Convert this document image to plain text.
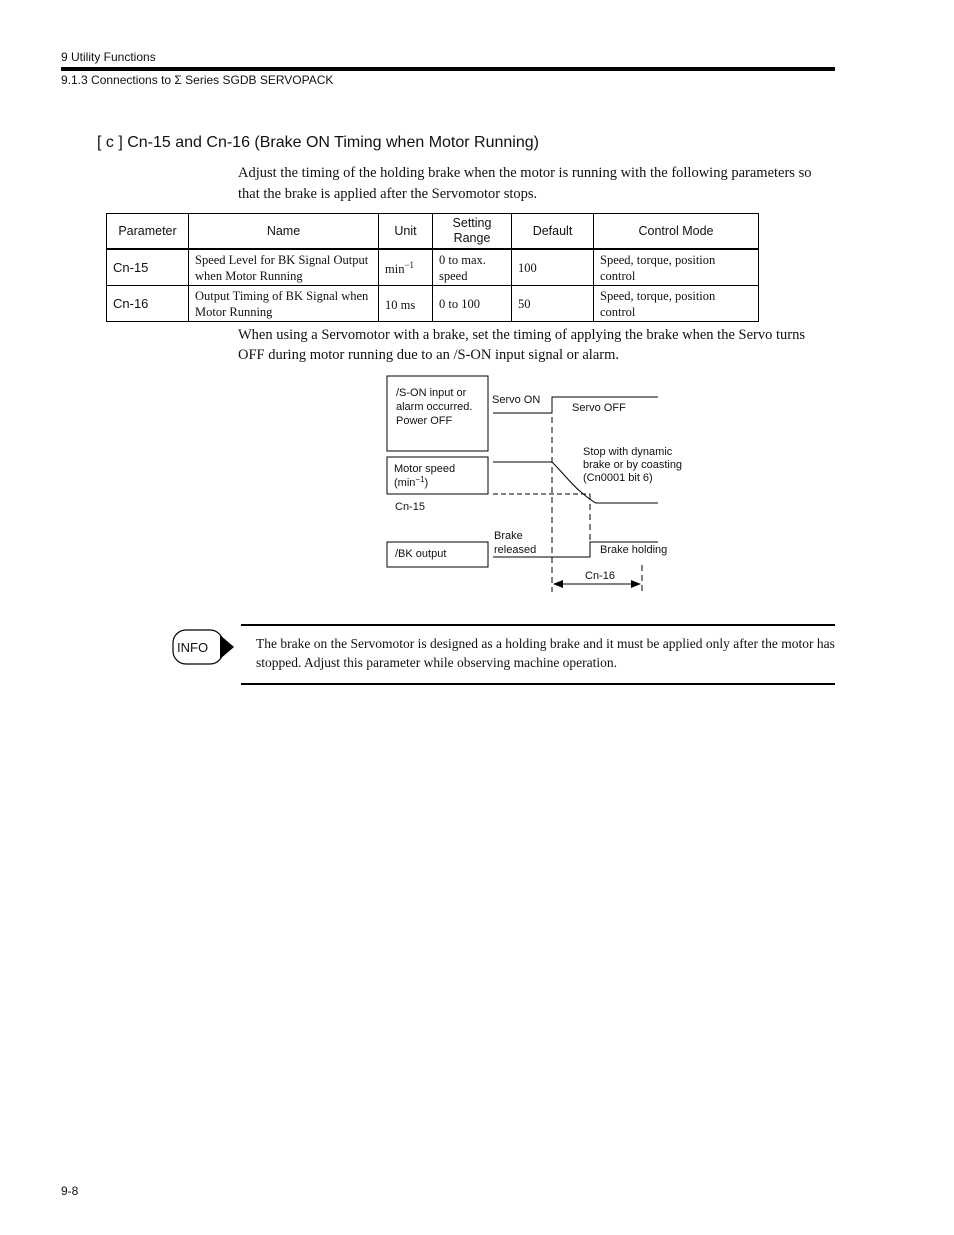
9 Utility Functions
9.1.3 Connections to Σ Series SGDB SERVOPACK
[ c ] Cn-15 and Cn-16 (Brake ON Timing when Motor Running)
Adjust the timing of the holding brake when the motor is running with the following parameters so that the brake is applied after the Servomotor stops.
Parameter	Name	Unit	Setting Range	Default	Control Mode
Cn-15	Speed Level for BK Signal Output when Motor Running	$\min^{-1}$	0 to max. speed	100	Speed, torque, position control
Cn-16	Output Timing of BK Signal when Motor Running	10 ms	0 to 100	50	Speed, torque, position control
When using a Servomotor with a brake, set the timing of applying the brake when the Servo turns OFF during motor running due to an /S-ON input signal or alarm.
/S-ON input or
alarm occurred.
Power OFF
Motor speed
$(\min^{-1})$
Cn-15
/BK output
Servo ON
Servo OFF
Stop with dynamic
brake or by coasting
(Cn0001 bit 6)
Brake
released	Brake holding
Cn-16
INFO	The brake on the Servomotor is designed as a holding brake and it must be applied only after the motor has stopped. Adjust this parameter while observing machine operation.
9-8
